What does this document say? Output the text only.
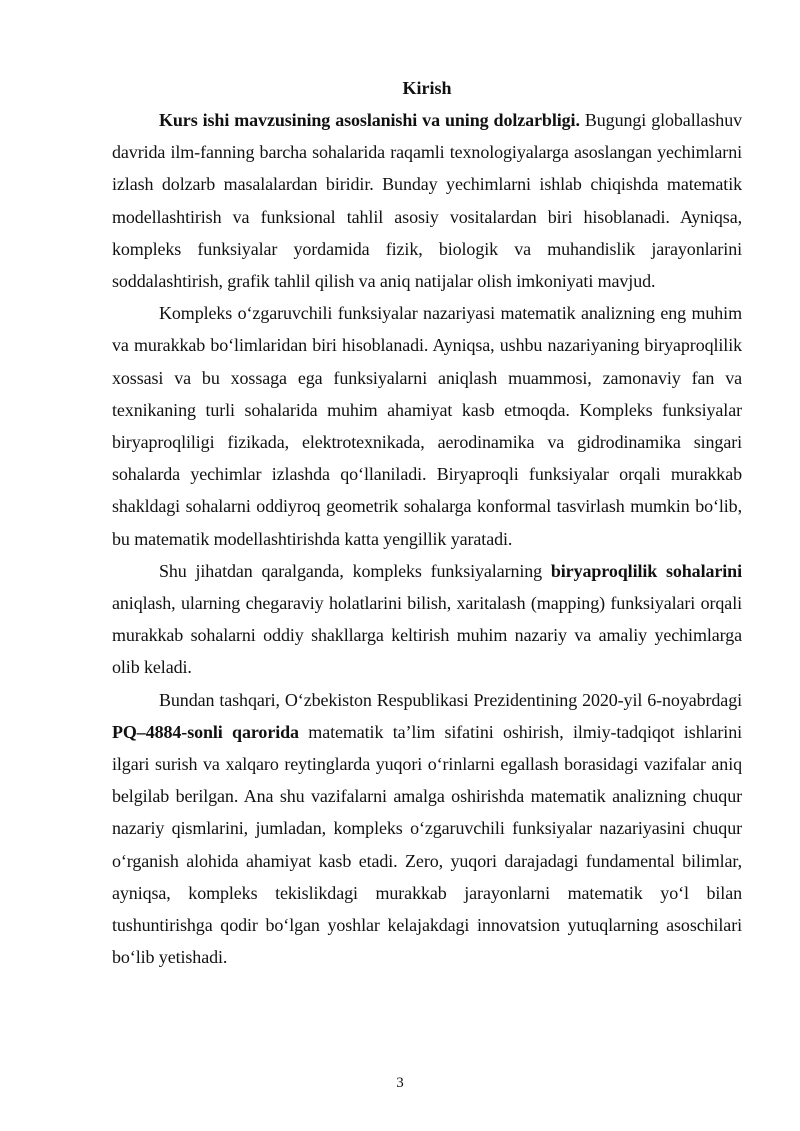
Kirish

Kurs ishi mavzusining asoslanishi va uning dolzarbligi. Bugungi globallashuv davrida ilm-fanning barcha sohalarida raqamli texnologiyalarga asoslangan yechimlarni izlash dolzarb masalalardan biridir. Bunday yechimlarni ishlab chiqishda matematik modellashtirish va funksional tahlil asosiy vositalardan biri hisoblanadi. Ayniqsa, kompleks funksiyalar yordamida fizik, biologik va muhandislik jarayonlarini soddalashtirish, grafik tahlil qilish va aniq natijalar olish imkoniyati mavjud.

Kompleks oʻzgaruvchili funksiyalar nazariyasi matematik analizning eng muhim va murakkab boʻlimlaridan biri hisoblanadi. Ayniqsa, ushbu nazariyaning biryaproqlilik xossasi va bu xossaga ega funksiyalarni aniqlash muammosi, zamonaviy fan va texnikaning turli sohalarida muhim ahamiyat kasb etmoqda. Kompleks funksiyalar biryaproqliligi fizikada, elektrotexnikada, aerodinamika va gidrodinamika singari sohalarda yechimlar izlashda qoʻllaniladi. Biryaproqli funksiyalar orqali murakkab shakldagi sohalarni oddiyroq geometrik sohalarga konformal tasvirlash mumkin boʻlib, bu matematik modellashtirishda katta yengillik yaratadi.

Shu jihatdan qaralganda, kompleks funksiyalarning biryaproqlilik sohalarini aniqlash, ularning chegaraviy holatlarini bilish, xaritalash (mapping) funksiyalari orqali murakkab sohalarni oddiy shakllarga keltirish muhim nazariy va amaliy yechimlarga olib keladi.

Bundan tashqari, Oʻzbekiston Respublikasi Prezidentining 2020-yil 6-noyabrdagi PQ–4884-sonli qarorida matematik taʼlim sifatini oshirish, ilmiy-tadqiqot ishlarini ilgari surish va xalqaro reytinglarda yuqori oʻrinlarni egallash borasidagi vazifalar aniq belgilab berilgan. Ana shu vazifalarni amalga oshirishda matematik analizning chuqur nazariy qismlarini, jumladan, kompleks oʻzgaruvchili funksiyalar nazariyasini chuqur oʻrganish alohida ahamiyat kasb etadi. Zero, yuqori darajadagi fundamental bilimlar, ayniqsa, kompleks tekislikdagi murakkab jarayonlarni matematik yoʻl bilan tushuntirishga qodir boʻlgan yoshlar kelajakdagi innovatsion yutuqlarning asoschilari boʻlib yetishadi.

3
